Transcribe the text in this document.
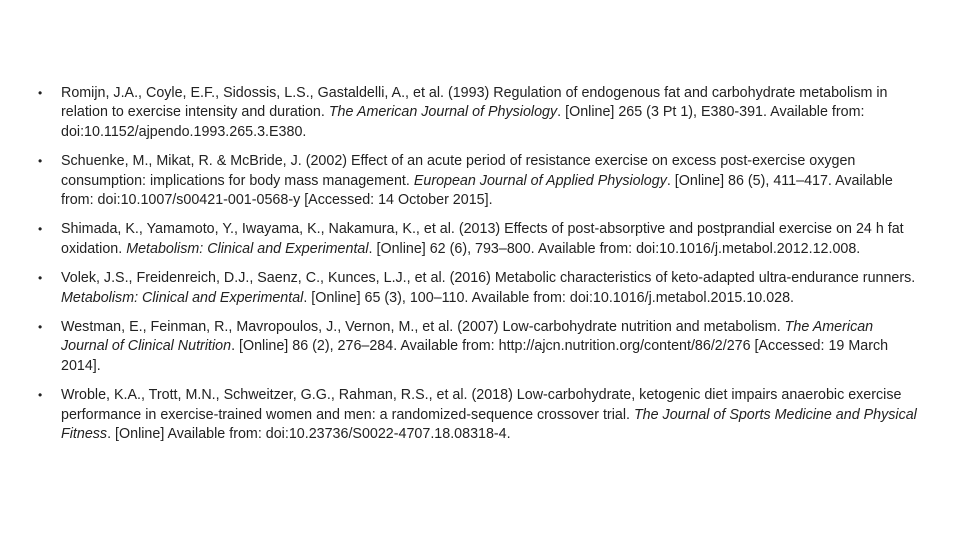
• Romijn, J.A., Coyle, E.F., Sidossis, L.S., Gastaldelli, A., et al. (1993) Regulation of endogenous fat and carbohydrate metabolism in relation to exercise intensity and duration. The American Journal of Physiology. [Online] 265 (3 Pt 1), E380-391. Available from: doi:10.1152/ajpendo.1993.265.3.E380.
• Schuenke, M., Mikat, R. & McBride, J. (2002) Effect of an acute period of resistance exercise on excess post-exercise oxygen consumption: implications for body mass management. European Journal of Applied Physiology. [Online] 86 (5), 411–417. Available from: doi:10.1007/s00421-001-0568-y [Accessed: 14 October 2015].
• Shimada, K., Yamamoto, Y., Iwayama, K., Nakamura, K., et al. (2013) Effects of post-absorptive and postprandial exercise on 24 h fat oxidation. Metabolism: Clinical and Experimental. [Online] 62 (6), 793–800. Available from: doi:10.1016/j.metabol.2012.12.008.
• Volek, J.S., Freidenreich, D.J., Saenz, C., Kunces, L.J., et al. (2016) Metabolic characteristics of keto-adapted ultra-endurance runners. Metabolism: Clinical and Experimental. [Online] 65 (3), 100–110. Available from: doi:10.1016/j.metabol.2015.10.028.
• Westman, E., Feinman, R., Mavropoulos, J., Vernon, M., et al. (2007) Low-carbohydrate nutrition and metabolism. The American Journal of Clinical Nutrition. [Online] 86 (2), 276–284. Available from: http://ajcn.nutrition.org/content/86/2/276 [Accessed: 19 March 2014].
• Wroble, K.A., Trott, M.N., Schweitzer, G.G., Rahman, R.S., et al. (2018) Low-carbohydrate, ketogenic diet impairs anaerobic exercise performance in exercise-trained women and men: a randomized-sequence crossover trial. The Journal of Sports Medicine and Physical Fitness. [Online] Available from: doi:10.23736/S0022-4707.18.08318-4.
